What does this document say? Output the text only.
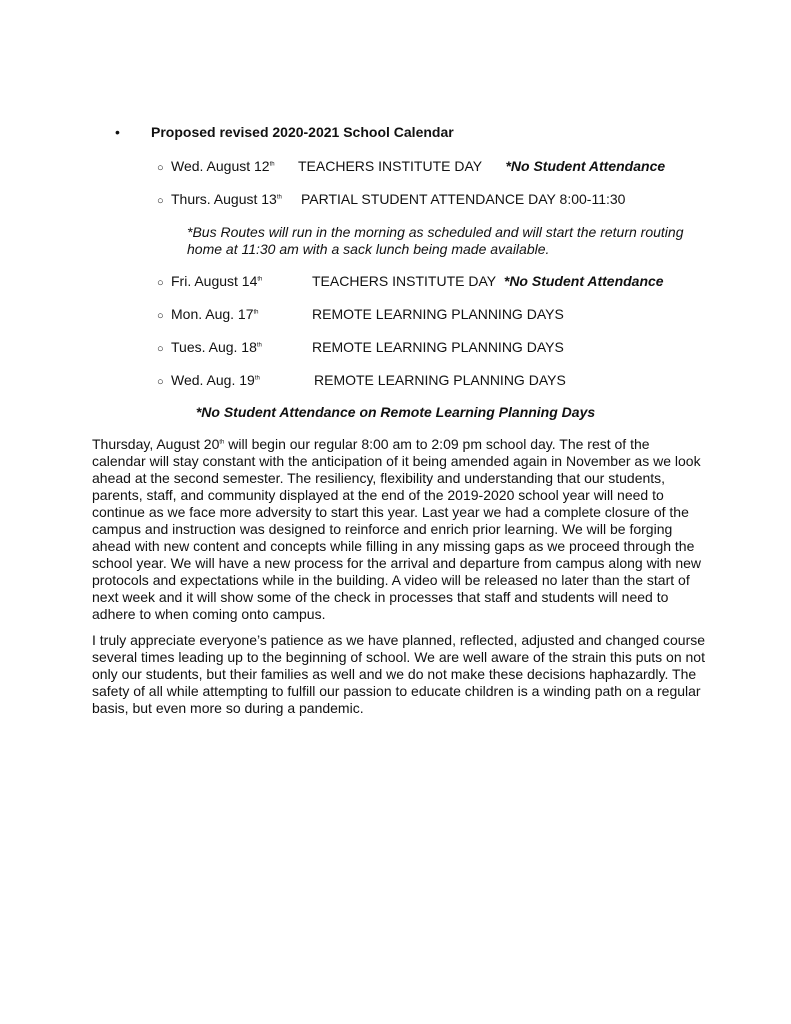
• Proposed revised 2020-2021 School Calendar
○ Wed. August 12th TEACHERS INSTITUTE DAY *No Student Attendance
○ Thurs. August 13th PARTIAL STUDENT ATTENDANCE DAY 8:00-11:30
*Bus Routes will run in the morning as scheduled and will start the return routing home at 11:30 am with a sack lunch being made available.
○ Fri. August 14th	TEACHERS INSTITUTE DAY *No Student Attendance
○ Mon. Aug. 17th	REMOTE LEARNING PLANNING DAYS
○ Tues. Aug. 18th	REMOTE LEARNING PLANNING DAYS
○ Wed. Aug. 19th	REMOTE LEARNING PLANNING DAYS
*No Student Attendance on Remote Learning Planning Days
Thursday, August 20th will begin our regular 8:00 am to 2:09 pm school day. The rest of the calendar will stay constant with the anticipation of it being amended again in November as we look ahead at the second semester. The resiliency, flexibility and understanding that our students, parents, staff, and community displayed at the end of the 2019-2020 school year will need to continue as we face more adversity to start this year. Last year we had a complete closure of the campus and instruction was designed to reinforce and enrich prior learning. We will be forging ahead with new content and concepts while filling in any missing gaps as we proceed through the school year. We will have a new process for the arrival and departure from campus along with new protocols and expectations while in the building. A video will be released no later than the start of next week and it will show some of the check in processes that staff and students will need to adhere to when coming onto campus.
I truly appreciate everyone’s patience as we have planned, reflected, adjusted and changed course several times leading up to the beginning of school. We are well aware of the strain this puts on not only our students, but their families as well and we do not make these decisions haphazardly. The safety of all while attempting to fulfill our passion to educate children is a winding path on a regular basis, but even more so during a pandemic.
